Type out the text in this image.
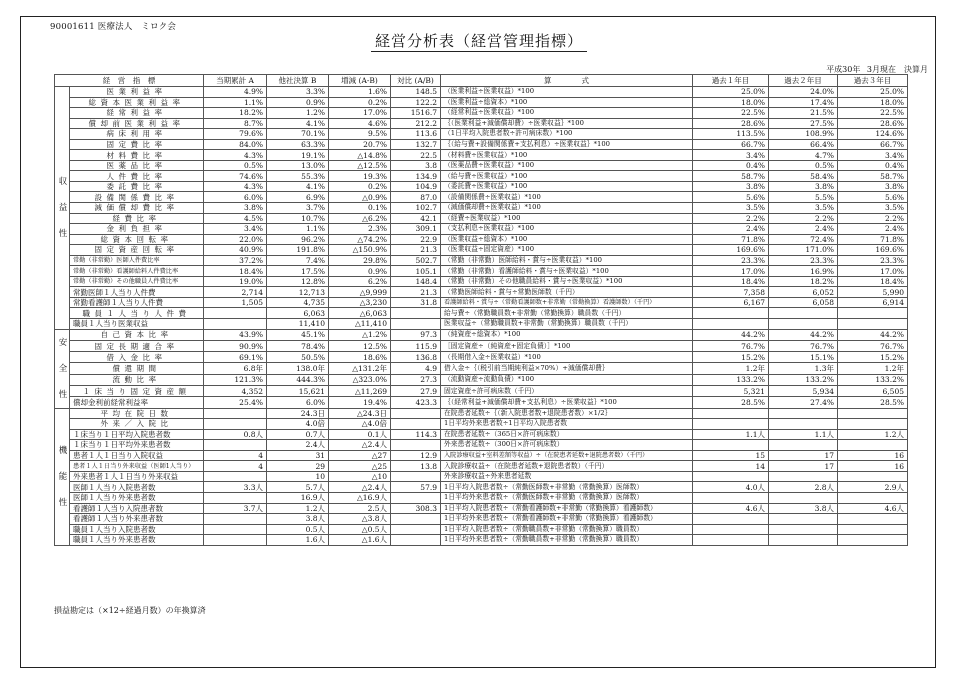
90001611 医療法人　ミロク会
経営分析表（経営管理指標）
平成30年 3月現在　決算月
経　営　指　標		当期累計 A	他社決算 B	増減 (A-B)	対比 (A/B)	算　　　　式	過去１年目	過去２年目	過去３年目
収益性	医業利益率	4.9%	3.3%	1.6%	148.5	（医業利益÷医業収益）*100	25.0%	24.0%	25.0%
	総資本医業利益率	1.1%	0.9%	0.2%	122.2	（医業利益÷総資本）*100	18.0%	17.4%	18.0%
	経常利益率	18.2%	1.2%	17.0%	1516.7	（経常利益÷医業収益）*100	22.5%	21.5%	22.5%
	償却前医業利益率	8.7%	4.1%	4.6%	212.2	｛（医業利益+減価償却費）÷医業収益｝*100	28.6%	27.5%	28.6%
	病床利用率	79.6%	70.1%	9.5%	113.6	（1日平均入院患者数÷許可病床数）*100	113.5%	108.9%	124.6%
	固定費比率	84.0%	63.3%	20.7%	132.7	｛（給与費+設備関係費+支払利息）÷医業収益｝*100	66.7%	66.4%	66.7%
	材料費比率	4.3%	19.1%	△14.8%	22.5	（材料費÷医業収益）*100	3.4%	4.7%	3.4%
	医薬品比率	0.5%	13.0%	△12.5%	3.8	（医薬品費÷医業収益）*100	0.4%	0.5%	0.4%
	人件費比率	74.6%	55.3%	19.3%	134.9	（給与費÷医業収益）*100	58.7%	58.4%	58.7%
	委託費比率	4.3%	4.1%	0.2%	104.9	（委託費÷医業収益）*100	3.8%	3.8%	3.8%
	設備関係費比率	6.0%	6.9%	△0.9%	87.0	（設備関係費÷医業収益）*100	5.6%	5.5%	5.6%
	減価償却費比率	3.8%	3.7%	0.1%	102.7	（減価償却費÷医業収益）*100	3.5%	3.5%	3.5%
	経費比率	4.5%	10.7%	△6.2%	42.1	（経費÷医業収益）*100	2.2%	2.2%	2.2%
	金利負担率	3.4%	1.1%	2.3%	309.1	（支払利息÷医業収益）*100	2.4%	2.4%	2.4%
	総資本回転率	22.0%	96.2%	△74.2%	22.9	（医業収益÷総資本）*100	71.8%	72.4%	71.8%
	固定資産回転率	40.9%	191.8%	△150.9%	21.3	（医業収益÷固定資産）*100	169.6%	171.0%	169.6%
	常勤（非常勤）医師人件費比率	37.2%	7.4%	29.8%	502.7	（常勤（非常勤）医師給料・賞与÷医業収益）*100	23.3%	23.3%	23.3%
	常勤（非常勤）看護師給料人件費比率	18.4%	17.5%	0.9%	105.1	（常勤（非常勤）看護師給料・賞与÷医業収益）*100	17.0%	16.9%	17.0%
	常勤（非常勤）その他職員人件費比率	19.0%	12.8%	6.2%	148.4	（常勤（非常勤）その他職員給料・賞与÷医業収益）*100	18.4%	18.2%	18.4%
	常勤医師１人当り人件費	2,714	12,713	△9,999	21.3	（常勤医師給料・賞与÷常勤医師数（千円）	7,358	6,052	5,990
	常勤看護師１人当り人件費	1,505	4,735	△3,230	31.8	看護師給料・賞与÷（常勤看護師数+非常勤（常勤換算）看護師数）（千円）	6,167	6,058	6,914
	職員１人当り人件費		6,063	△6,063		給与費÷（常勤職員数+非常勤（常勤換算）職員数（千円）			
	職員１人当り医業収益		11,410	△11,410		医業収益÷（常勤職員数+非常勤（常勤換算）職員数（千円）			
安全性	自己資本比率	43.9%	45.1%	△1.2%	97.3	（純資産÷総資本）*100	44.2%	44.2%	44.2%
	固定長期適合率	90.9%	78.4%	12.5%	115.9	［固定資産÷（純資産+固定負債）］*100	76.7%	76.7%	76.7%
	借入金比率	69.1%	50.5%	18.6%	136.8	（長期借入金÷医業収益）*100	15.2%	15.1%	15.2%
	償還期間	6.8年	138.0年	△131.2年	4.9	借入金÷｛（税引前当期純利益×70%）+減価償却費｝	1.2年	1.3年	1.2年
	流動比率	121.3%	444.3%	△323.0%	27.3	（流動資産÷流動負債）*100	133.2%	133.2%	133.2%
	１床当り固定資産額	4,352	15,621	△11,269	27.9	固定資産÷許可病床数（千円）	5,321	5,934	6,505
	償却金利前経常利益率	25.4%	6.0%	19.4%	423.3	｛（経常利益+減価償却費+支払利息）÷医業収益｝*100	28.5%	27.4%	28.5%
機能性	平均在院日数		24.3日	△24.3日		在院患者延数÷｛（新入院患者数+退院患者数）×1/2｝			
	外来／入院比		4.0倍	△4.0倍		1日平均外来患者数÷1日平均入院患者数			
	１床当り１日平均入院患者数	0.8人	0.7人	0.1人	114.3	在院患者延数÷（365日×許可病床数）	1.1人	1.1人	1.2人
	１床当り１日平均外来患者数		2.4人	△2.4人		外来患者延数÷（300日×許可病床数）			
	患者１人１日当り入院収益	4	31	△27	12.9	入院診療収益+室料差額等収益）÷（在院患者延数+退院患者数）（千円）	15	17	16
	患者１人１日当り外来収益（医師1人当り）	4	29	△25	13.8	入院診療収益÷（在院患者延数+退院患者数）（千円）	14	17	16
	外来患者１人１日当り外来収益		10	△10		外来診療収益÷外来患者延数			
	医師１人当り入院患者数	3.3人	5.7人	△2.4人	57.9	1日平均入院患者数÷（常勤医師数+非常勤（常勤換算）医師数）	4.0人	2.8人	2.9人
	医師１人当り外来患者数		16.9人	△16.9人		1日平均外来患者数÷（常勤医師数+非常勤（常勤換算）医師数）			
	看護師１人当り入院患者数	3.7人	1.2人	2.5人	308.3	1日平均入院患者数÷（常勤看護師数+非常勤（常勤換算）看護師数）	4.6人	3.8人	4.6人
	看護師１人当り外来患者数		3.8人	△3.8人		1日平均外来患者数÷（常勤看護師数+非常勤（常勤換算）看護師数）			
	職員１人当り入院患者数		0.5人	△0.5人		1日平均入院患者数÷（常勤職員数+非常勤（常勤換算）職員数）			
	職員１人当り外来患者数		1.6人	△1.6人		1日平均外来患者数÷（常勤職員数+非常勤（常勤換算）職員数）			
損益勘定は（×12÷経過月数）の年換算済
